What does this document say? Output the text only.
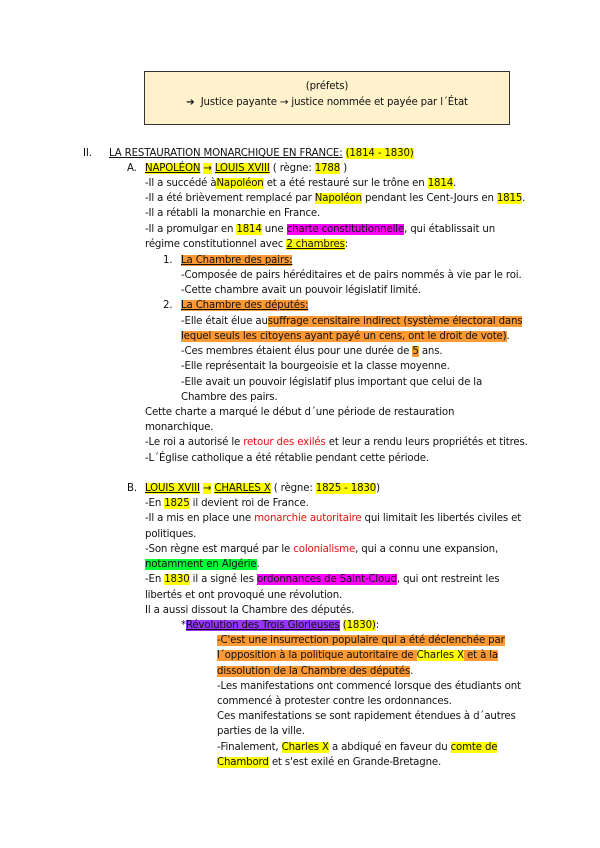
(préfets)
➔ Justice payante → justice nommée et payée par l´État
II. LA RESTAURATION MONARCHIQUE EN FRANCE: (1814 - 1830)
A. NAPOLÉON → LOUIS XVIII ( règne: 1788 )
-Il a succédé àNapoléon et a été restauré sur le trône en 1814.
-Il a été brièvement remplacé par Napoléon pendant les Cent-Jours en 1815.
-Il a rétabli la monarchie en France.
-Il a promulgar en 1814 une charte constitutionnelle, qui établissait un
régime constitutionnel avec 2 chambres:
1. La Chambre des pairs:
-Composée de pairs héréditaires et de pairs nommés à vie par le roi.
-Cette chambre avait un pouvoir législatif limité.
2. La Chambre des députés:
-Elle était élue ausuffrage censitaire indirect (système électoral dans
lequel seuls les citoyens ayant payé un cens, ont le droit de vote).
-Ces membres étaient élus pour une durée de 5 ans.
-Elle représentait la bourgeoisie et la classe moyenne.
-Elle avait un pouvoir législatif plus important que celui de la
Chambre des pairs.
Cette charte a marqué le début d´une période de restauration
monarchique.
-Le roi a autorisé le retour des exilés et leur a rendu leurs propriétés et titres.
-L´Église catholique a été rétablie pendant cette période.
B. LOUIS XVIII → CHARLES X ( règne: 1825 - 1830)
-En 1825 il devient roi de France.
-Il a mis en place une monarchie autoritaire qui limitait les libertés civiles et
politiques.
-Son règne est marqué par le colonialisme, qui a connu une expansion,
notamment en Algérie.
-En 1830 il a signé les ordonnances de Saint-Cloud, qui ont restreint les
libertés et ont provoqué une révolution.
Il a aussi dissout la Chambre des députés.
*Révolution des Trois Glorieuses (1830):
-C'est une insurrection populaire qui a été déclenchée par
l´opposition à la politique autoritaire de Charles X et à la
dissolution de la Chambre des députés.
-Les manifestations ont commencé lorsque des étudiants ont
commencé à protester contre les ordonnances.
Ces manifestations se sont rapidement étendues à d´autres
parties de la ville.
-Finalement, Charles X a abdiqué en faveur du comte de
Chambord et s'est exilé en Grande-Bretagne.
